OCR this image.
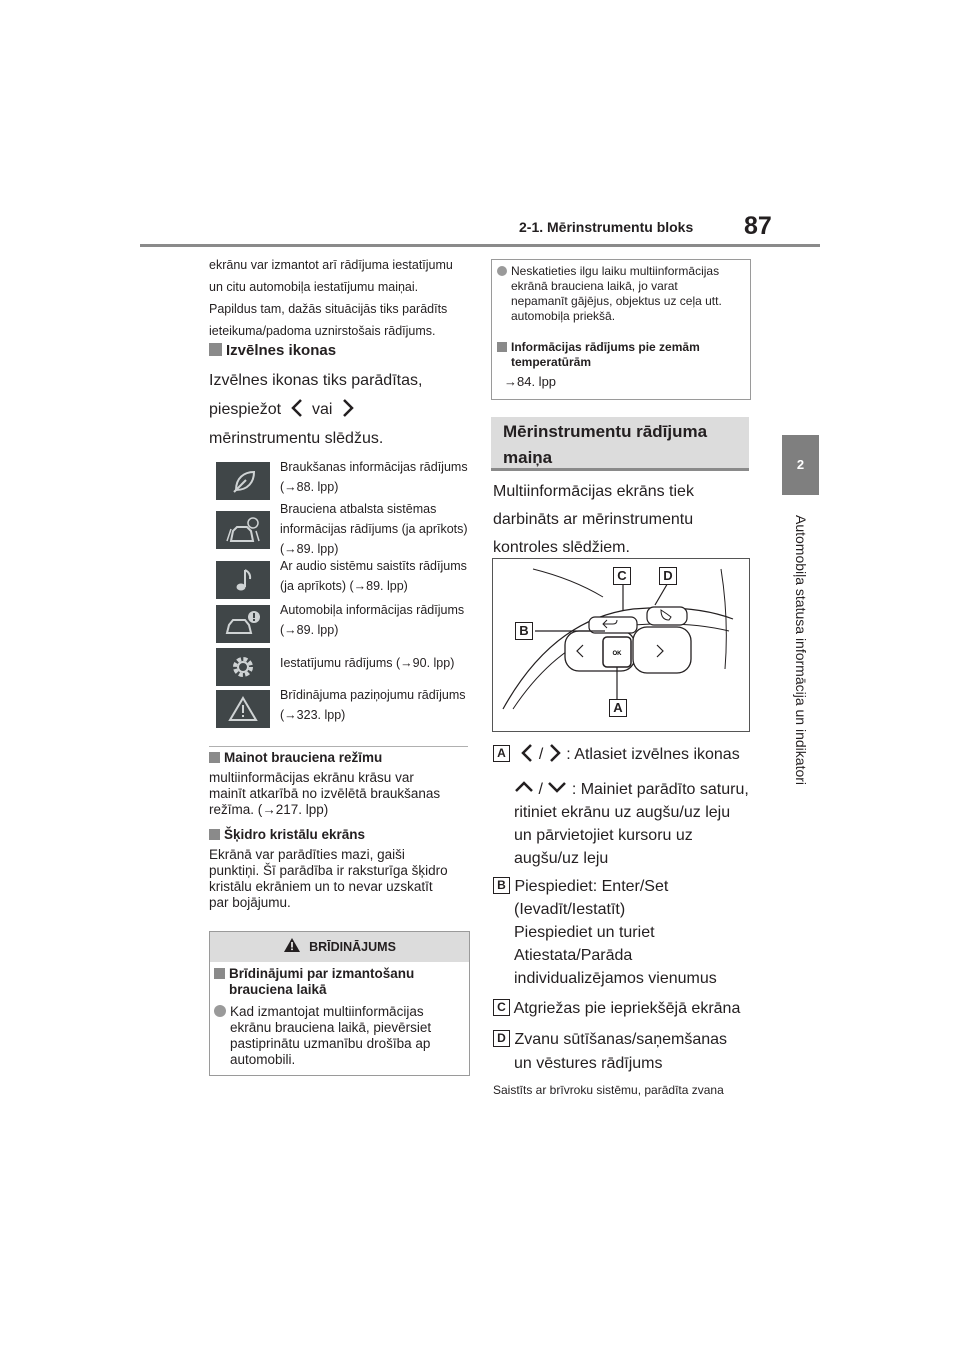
2-1. Mērinstrumentu bloks 87
2
Automobiļa statusa informācija un indikatori
ekrānu var izmantot arī rādījuma iestatījumu
un citu automobiļa iestatījumu maiņai.
Papildus tam, dažās situācijās tiks parādīts
ieteikuma/padoma uznirstošais rādījums.
Izvēlnes ikonas
Izvēlnes ikonas tiks parādītas,
piespiežot vai
mērinstrumentu slēdžus.
Braukšanas informācijas rādījums
(→88. lpp)
Brauciena atbalsta sistēmas
informācijas rādījums (ja aprīkots)
(→89. lpp)
Ar audio sistēmu saistīts rādījums
(ja aprīkots) (→89. lpp)
Automobiļa informācijas rādījums
(→89. lpp)
Iestatījumu rādījums (→90. lpp)
Brīdinājuma paziņojumu rādījums
(→323. lpp)
Mainot brauciena režīmu
multiinformācijas ekrānu krāsu var
mainīt atkarībā no izvēlētā braukšanas
režīma. (→217. lpp)
Šķidro kristālu ekrāns
Ekrānā var parādīties mazi, gaiši
punktiņi. Šī parādība ir raksturīga šķidro
kristālu ekrāniem un to nevar uzskatīt
par bojājumu.
BRĪDINĀJUMS
Brīdinājumi par izmantošanu
brauciena laikā
Kad izmantojat multiinformācijas
ekrānu brauciena laikā, pievērsiet
pastiprinātu uzmanību drošība ap
automobili.
Neskatieties ilgu laiku multiinformācijas
ekrānā brauciena laikā, jo varat
nepamanīt gājējus, objektus uz ceļa utt.
automobiļa priekšā.
Informācijas rādījums pie zemām
temperatūrām
→84. lpp
Mērinstrumentu rādījuma
maiņa
Multiinformācijas ekrāns tiek
darbināts ar mērinstrumentu
kontroles slēdžiem.
OK
C	D
B
A
A / : Atlasiet izvēlnes ikonas
/ : Mainiet parādīto saturu,
ritiniet ekrānu uz augšu/uz leju
un pārvietojiet kursoru uz
augšu/uz leju
B Piespiediet: Enter/Set
(Ievadīt/Iestatīt)
Piespiediet un turiet
Atiestata/Parāda
individualizējamos vienumus
C Atgriežas pie iepriekšējā ekrāna
D Zvanu sūtīšanas/saņemšanas
un vēstures rādījums
Saistīts ar brīvroku sistēmu, parādīta zvana
